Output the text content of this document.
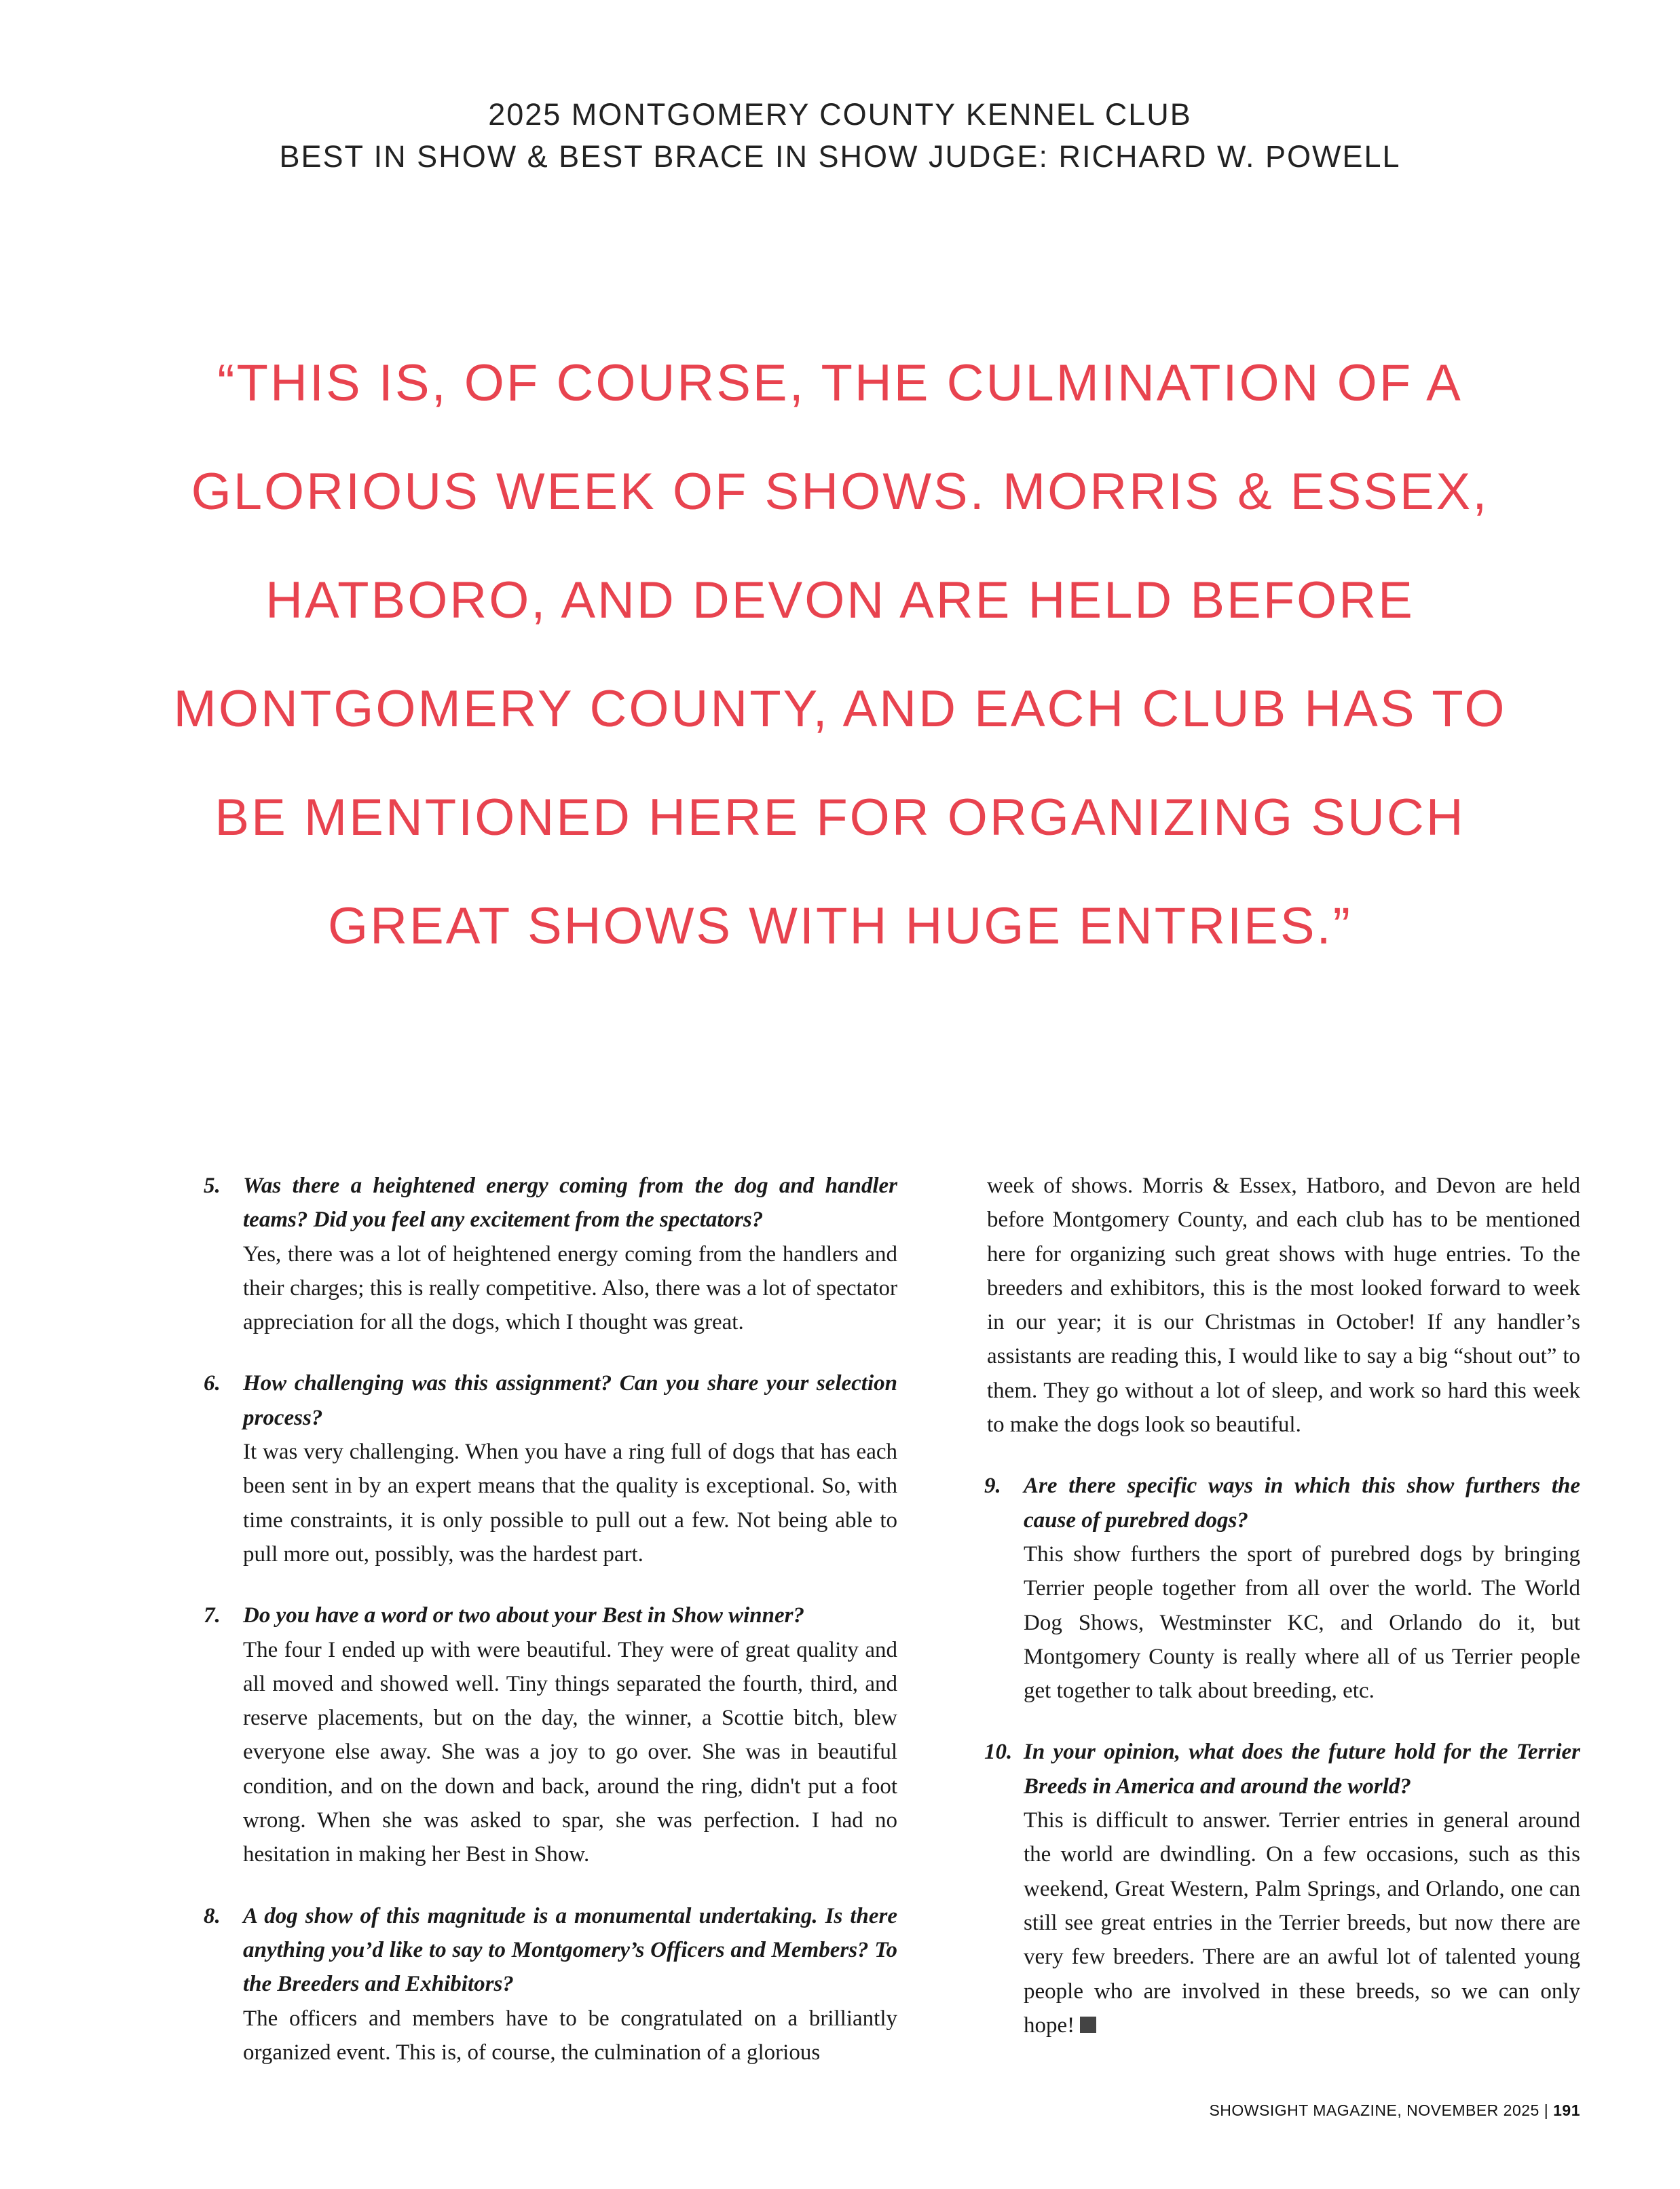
2025 MONTGOMERY COUNTY KENNEL CLUB
BEST IN SHOW & BEST BRACE IN SHOW JUDGE: RICHARD W. POWELL
“THIS IS, OF COURSE, THE CULMINATION OF A GLORIOUS WEEK OF SHOWS. MORRIS & ESSEX, HATBORO, AND DEVON ARE HELD BEFORE MONTGOMERY COUNTY, AND EACH CLUB HAS TO BE MENTIONED HERE FOR ORGANIZING SUCH GREAT SHOWS WITH HUGE ENTRIES.”
5. Was there a heightened energy coming from the dog and handler teams? Did you feel any excitement from the spectators?
Yes, there was a lot of heightened energy coming from the handlers and their charges; this is really competitive. Also, there was a lot of spectator appreciation for all the dogs, which I thought was great.
6. How challenging was this assignment? Can you share your selection process?
It was very challenging. When you have a ring full of dogs that has each been sent in by an expert means that the quality is exceptional. So, with time constraints, it is only possible to pull out a few. Not being able to pull more out, possibly, was the hardest part.
7. Do you have a word or two about your Best in Show winner?
The four I ended up with were beautiful. They were of great quality and all moved and showed well. Tiny things separated the fourth, third, and reserve placements, but on the day, the winner, a Scottie bitch, blew everyone else away. She was a joy to go over. She was in beautiful condition, and on the down and back, around the ring, didn't put a foot wrong. When she was asked to spar, she was perfection. I had no hesitation in making her Best in Show.
8. A dog show of this magnitude is a monumental undertaking. Is there anything you’d like to say to Montgomery’s Officers and Members? To the Breeders and Exhibitors?
The officers and members have to be congratulated on a brilliantly organized event. This is, of course, the culmination of a glorious
week of shows. Morris & Essex, Hatboro, and Devon are held before Montgomery County, and each club has to be mentioned here for organizing such great shows with huge entries. To the breeders and exhibitors, this is the most looked forward to week in our year; it is our Christmas in October! If any handler’s assistants are reading this, I would like to say a big “shout out” to them. They go without a lot of sleep, and work so hard this week to make the dogs look so beautiful.
9. Are there specific ways in which this show furthers the cause of purebred dogs?
This show furthers the sport of purebred dogs by bringing Terrier people together from all over the world. The World Dog Shows, Westminster KC, and Orlando do it, but Montgomery County is really where all of us Terrier people get together to talk about breeding, etc.
10. In your opinion, what does the future hold for the Terrier Breeds in America and around the world?
This is difficult to answer. Terrier entries in general around the world are dwindling. On a few occasions, such as this weekend, Great Western, Palm Springs, and Orlando, one can still see great entries in the Terrier breeds, but now there are very few breeders. There are an awful lot of talented young people who are involved in these breeds, so we can only hope!
SHOWSIGHT MAGAZINE, NOVEMBER 2025 | 191
